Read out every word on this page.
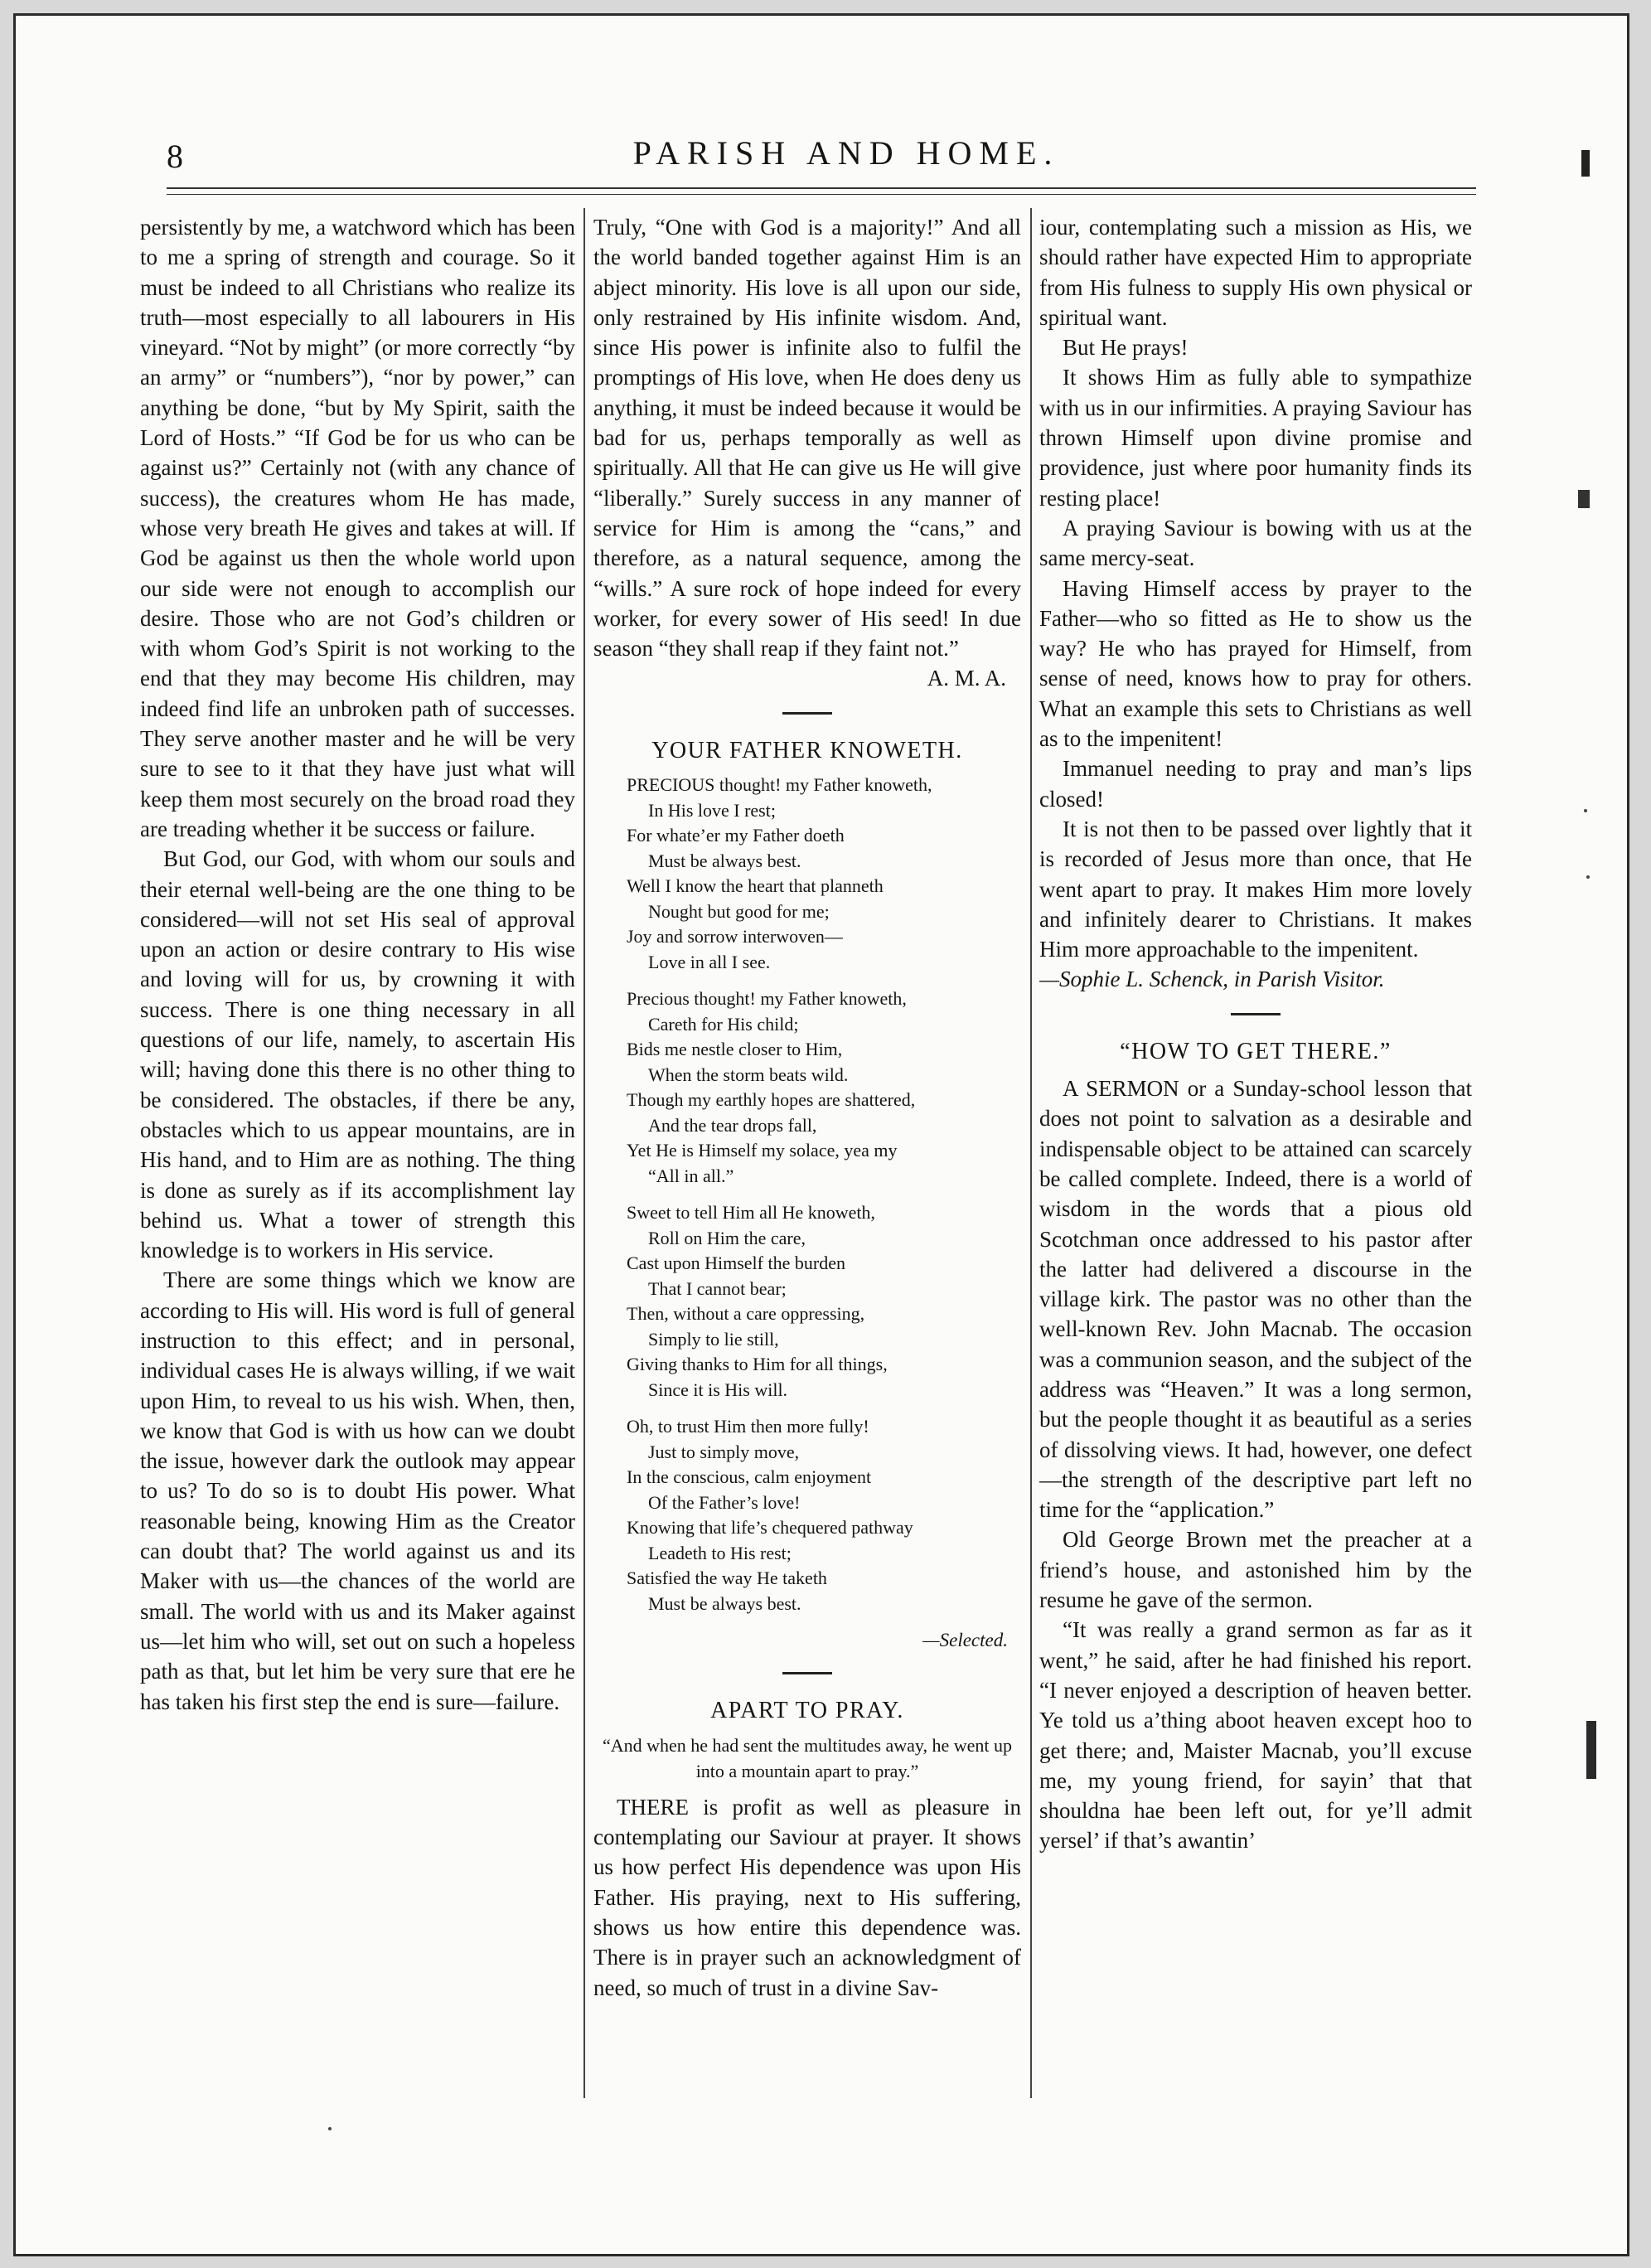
8	PARISH AND HOME.

persistently by me, a watchword which has been to me a spring of strength and courage. So it must be indeed to all Christians who realize its truth—most especially to all labourers in His vineyard. “Not by might” (or more correctly “by an army” or “numbers”), “nor by power,” can anything be done, “but by My Spirit, saith the Lord of Hosts.” “If God be for us who can be against us?” Certainly not (with any chance of success), the creatures whom He has made, whose very breath He gives and takes at will. If God be against us then the whole world upon our side were not enough to accomplish our desire. Those who are not God’s children or with whom God’s Spirit is not working to the end that they may become His children, may indeed find life an unbroken path of successes. They serve another master and he will be very sure to see to it that they have just what will keep them most securely on the broad road they are treading whether it be success or failure.

But God, our God, with whom our souls and their eternal well-being are the one thing to be considered—will not set His seal of approval upon an action or desire contrary to His wise and loving will for us, by crowning it with success. There is one thing necessary in all questions of our life, namely, to ascertain His will; having done this there is no other thing to be considered. The obstacles, if there be any, obstacles which to us appear mountains, are in His hand, and to Him are as nothing. The thing is done as surely as if its accomplishment lay behind us. What a tower of strength this knowledge is to workers in His service.

There are some things which we know are according to His will. His word is full of general instruction to this effect; and in personal, individual cases He is always willing, if we wait upon Him, to reveal to us his wish. When, then, we know that God is with us how can we doubt the issue, however dark the outlook may appear to us? To do so is to doubt His power. What reasonable being, knowing Him as the Creator can doubt that? The world against us and its Maker with us—the chances of the world are small. The world with us and its Maker against us—let him who will, set out on such a hopeless path as that, but let him be very sure that ere he has taken his first step the end is sure—failure.

Truly, “One with God is a majority!” And all the world banded together against Him is an abject minority. His love is all upon our side, only restrained by His infinite wisdom. And, since His power is infinite also to fulfil the promptings of His love, when He does deny us anything, it must be indeed because it would be bad for us, perhaps temporally as well as spiritually. All that He can give us He will give “liberally.” Surely success in any manner of service for Him is among the “cans,” and therefore, as a natural sequence, among the “wills.” A sure rock of hope indeed for every worker, for every sower of His seed! In due season “they shall reap if they faint not.”

A. M. A.

YOUR FATHER KNOWETH.
PRECIOUS thought! my Father knoweth,
In His love I rest;
For whate’er my Father doeth
Must be always best.
Well I know the heart that planneth
Nought but good for me;
Joy and sorrow interwoven—
Love in all I see.
Precious thought! my Father knoweth,
Careth for His child;
Bids me nestle closer to Him,
When the storm beats wild.
Though my earthly hopes are shattered,
And the tear drops fall,
Yet He is Himself my solace, yea my
“All in all.”
Sweet to tell Him all He knoweth,
Roll on Him the care,
Cast upon Himself the burden
That I cannot bear;
Then, without a care oppressing,
Simply to lie still,
Giving thanks to Him for all things,
Since it is His will.
Oh, to trust Him then more fully!
Just to simply move,
In the conscious, calm enjoyment
Of the Father’s love!
Knowing that life’s chequered pathway
Leadeth to His rest;
Satisfied the way He taketh
Must be always best.
—Selected.
APART TO PRAY.
“And when he had sent the multitudes away, he went up into a mountain apart to pray.”

THERE is profit as well as pleasure in contemplating our Saviour at prayer. It shows us how perfect His dependence was upon His Father. His praying, next to His suffering, shows us how entire this dependence was. There is in prayer such an acknowledgment of need, so much of trust in a divine Sav-

iour, contemplating such a mission as His, we should rather have expected Him to appropriate from His fulness to supply His own physical or spiritual want.

But He prays!

It shows Him as fully able to sympathize with us in our infirmities. A praying Saviour has thrown Himself upon divine promise and providence, just where poor humanity finds its resting place!

A praying Saviour is bowing with us at the same mercy-seat.

Having Himself access by prayer to the Father—who so fitted as He to show us the way? He who has prayed for Himself, from sense of need, knows how to pray for others. What an example this sets to Christians as well as to the impenitent!

Immanuel needing to pray and man’s lips closed!

It is not then to be passed over lightly that it is recorded of Jesus more than once, that He went apart to pray. It makes Him more lovely and infinitely dearer to Christians. It makes Him more approachable to the impenitent.

—Sophie L. Schenck, in Parish Visitor.

“HOW TO GET THERE.”

A SERMON or a Sunday-school lesson that does not point to salvation as a desirable and indispensable object to be attained can scarcely be called complete. Indeed, there is a world of wisdom in the words that a pious old Scotchman once addressed to his pastor after the latter had delivered a discourse in the village kirk. The pastor was no other than the well-known Rev. John Macnab. The occasion was a communion season, and the subject of the address was “Heaven.” It was a long sermon, but the people thought it as beautiful as a series of dissolving views. It had, however, one defect—the strength of the descriptive part left no time for the “application.”

Old George Brown met the preacher at a friend’s house, and astonished him by the resume he gave of the sermon.

“It was really a grand sermon as far as it went,” he said, after he had finished his report. “I never enjoyed a description of heaven better. Ye told us a’thing aboot heaven except hoo to get there; and, Maister Macnab, you’ll excuse me, my young friend, for sayin’ that that shouldna hae been left out, for ye’ll admit yersel’ if that’s awantin’
